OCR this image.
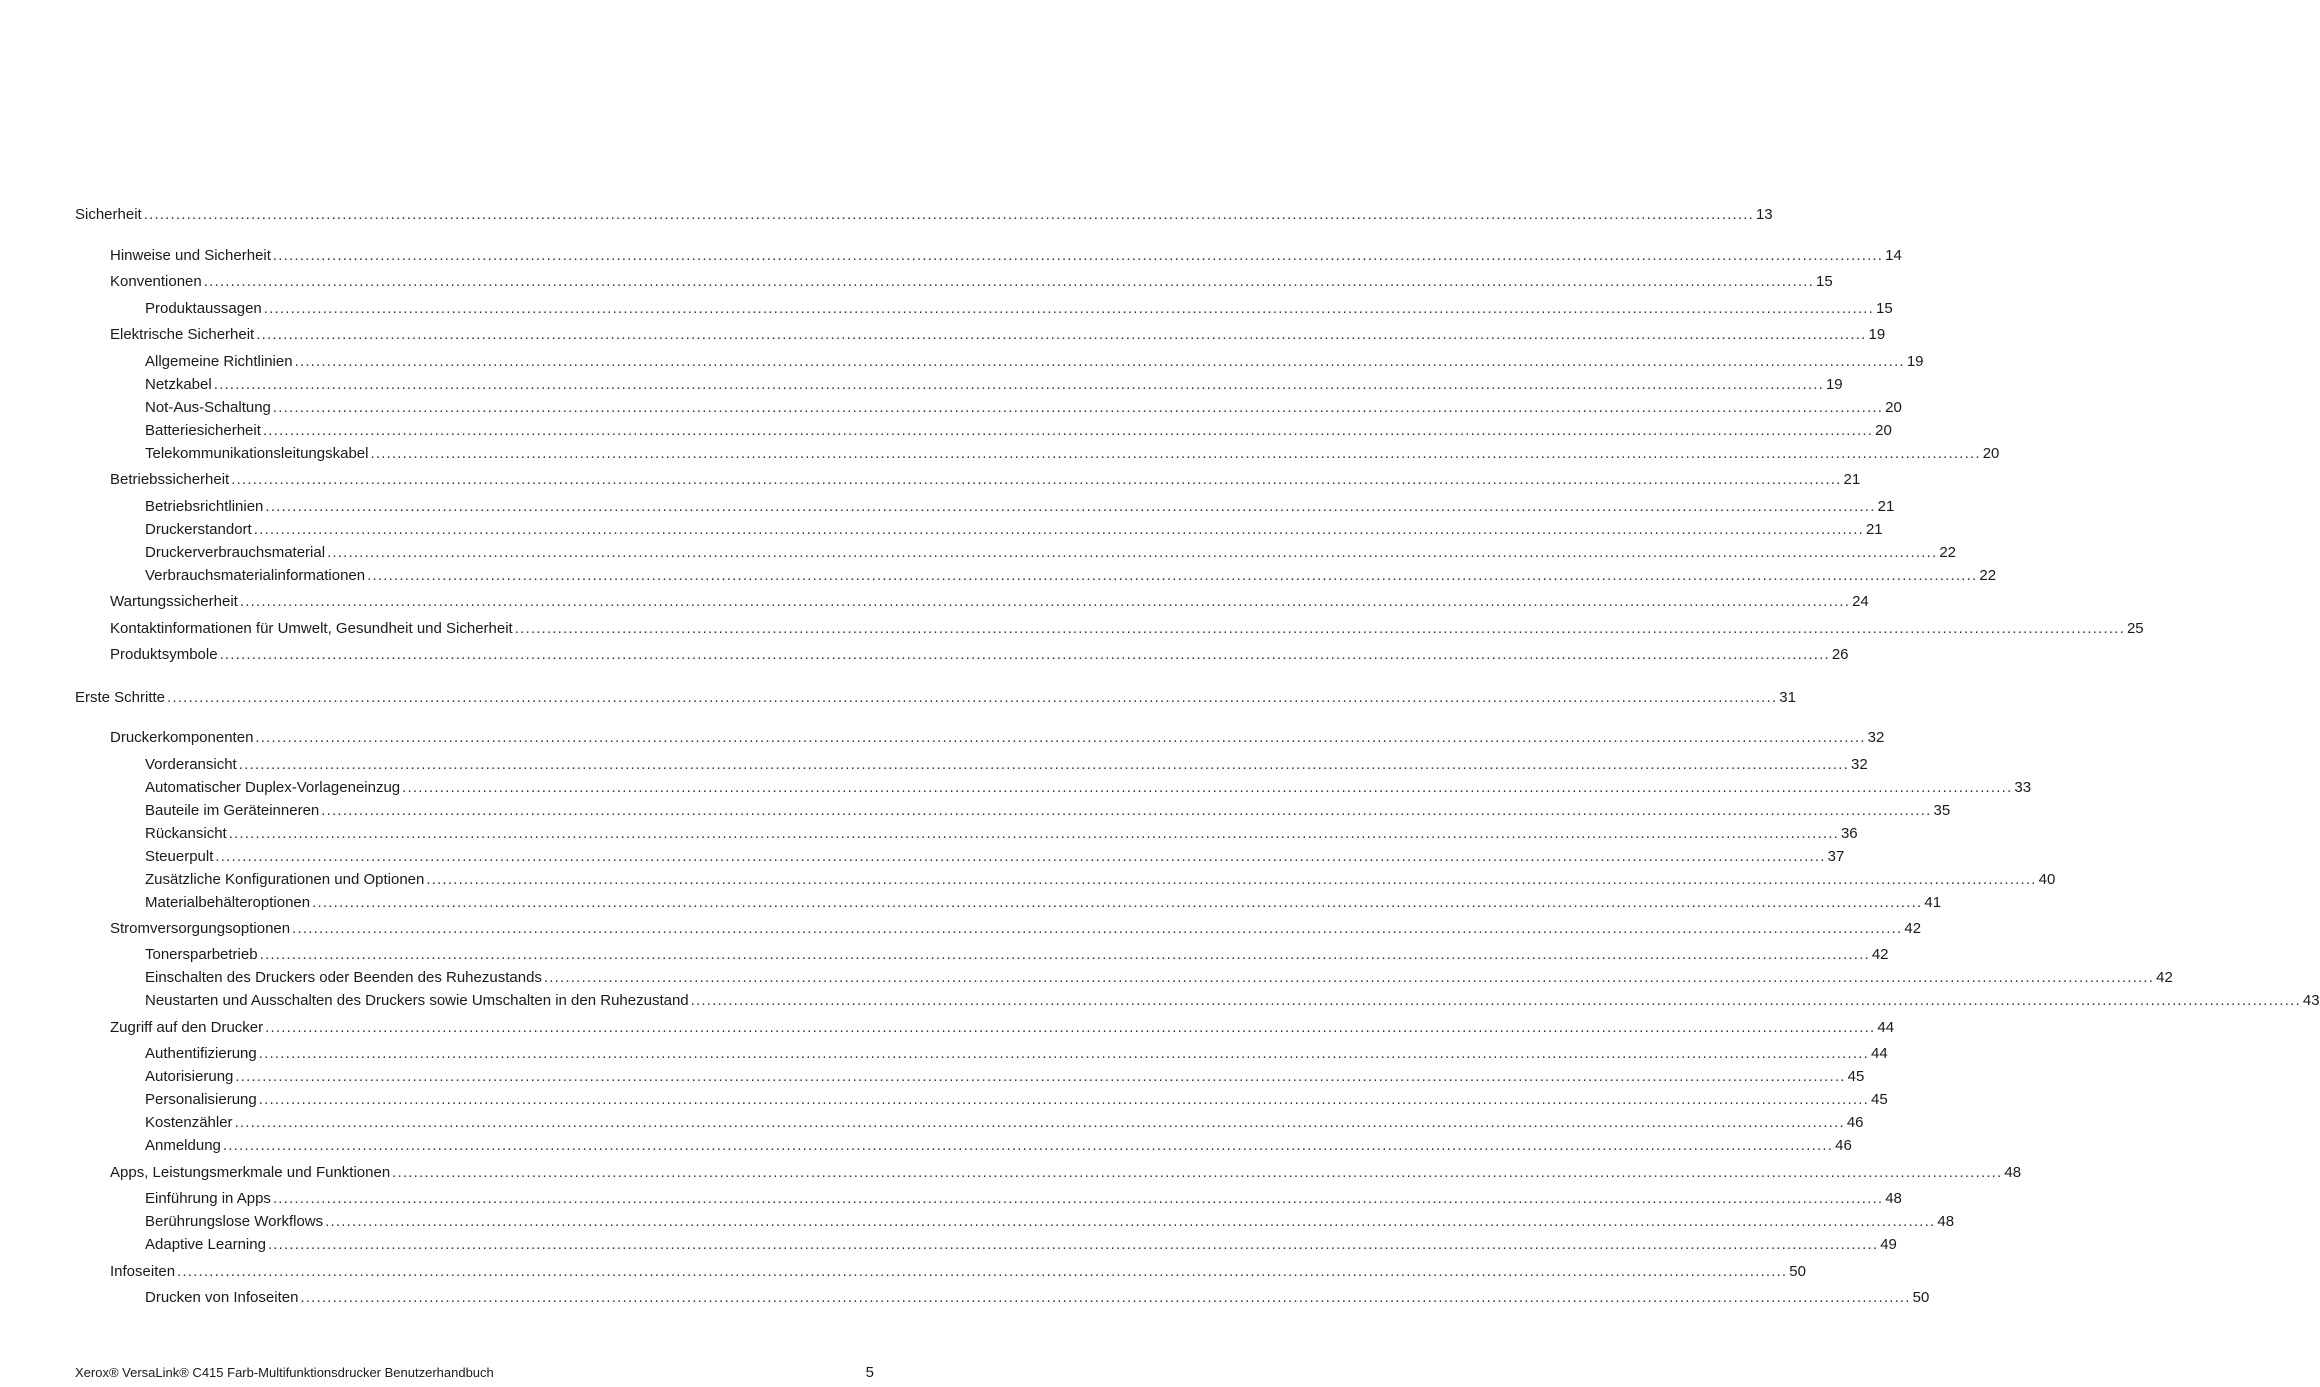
Sicherheit ............................................................................................................................................................................................................................................................................................................ 13
Hinweise und Sicherheit ............................................................................................................................................................................................................................................................................................................ 14
Konventionen ............................................................................................................................................................................................................................................................................................................ 15
Produktaussagen ............................................................................................................................................................................................................................................................................................................ 15
Elektrische Sicherheit ............................................................................................................................................................................................................................................................................................................ 19
Allgemeine Richtlinien ............................................................................................................................................................................................................................................................................................................ 19
Netzkabel ............................................................................................................................................................................................................................................................................................................ 19
Not-Aus-Schaltung ............................................................................................................................................................................................................................................................................................................ 20
Batteriesicherheit ............................................................................................................................................................................................................................................................................................................ 20
Telekommunikationsleitungskabel ............................................................................................................................................................................................................................................................................................................ 20
Betriebssicherheit ............................................................................................................................................................................................................................................................................................................ 21
Betriebsrichtlinien ............................................................................................................................................................................................................................................................................................................ 21
Druckerstandort ............................................................................................................................................................................................................................................................................................................ 21
Druckerverbrauchsmaterial ............................................................................................................................................................................................................................................................................................................ 22
Verbrauchsmaterialinformationen ............................................................................................................................................................................................................................................................................................................ 22
Wartungssicherheit ............................................................................................................................................................................................................................................................................................................ 24
Kontaktinformationen für Umwelt, Gesundheit und Sicherheit ............................................................................................................................................................................................................................................................................................................ 25
Produktsymbole ............................................................................................................................................................................................................................................................................................................ 26
Erste Schritte ............................................................................................................................................................................................................................................................................................................ 31
Druckerkomponenten ............................................................................................................................................................................................................................................................................................................ 32
Vorderansicht ............................................................................................................................................................................................................................................................................................................ 32
Automatischer Duplex-Vorlageneinzug ............................................................................................................................................................................................................................................................................................................ 33
Bauteile im Geräteinneren ............................................................................................................................................................................................................................................................................................................ 35
Rückansicht ............................................................................................................................................................................................................................................................................................................ 36
Steuerpult ............................................................................................................................................................................................................................................................................................................ 37
Zusätzliche Konfigurationen und Optionen ............................................................................................................................................................................................................................................................................................................ 40
Materialbehälteroptionen ............................................................................................................................................................................................................................................................................................................ 41
Stromversorgungsoptionen ............................................................................................................................................................................................................................................................................................................ 42
Tonersparbetrieb ............................................................................................................................................................................................................................................................................................................ 42
Einschalten des Druckers oder Beenden des Ruhezustands ............................................................................................................................................................................................................................................................................................................ 42
Neustarten und Ausschalten des Druckers sowie Umschalten in den Ruhezustand ............................................................................................................................................................................................................................................................................................................ 43
Zugriff auf den Drucker ............................................................................................................................................................................................................................................................................................................ 44
Authentifizierung ............................................................................................................................................................................................................................................................................................................ 44
Autorisierung ............................................................................................................................................................................................................................................................................................................ 45
Personalisierung ............................................................................................................................................................................................................................................................................................................ 45
Kostenzähler ............................................................................................................................................................................................................................................................................................................ 46
Anmeldung ............................................................................................................................................................................................................................................................................................................ 46
Apps, Leistungsmerkmale und Funktionen ............................................................................................................................................................................................................................................................................................................ 48
Einführung in Apps ............................................................................................................................................................................................................................................................................................................ 48
Berührungslose Workflows ............................................................................................................................................................................................................................................................................................................ 48
Adaptive Learning ............................................................................................................................................................................................................................................................................................................ 49
Infoseiten ............................................................................................................................................................................................................................................................................................................ 50
Drucken von Infoseiten ............................................................................................................................................................................................................................................................................................................ 50
Xerox® VersaLink® C415 Farb-Multifunktionsdrucker Benutzerhandbuch	5
